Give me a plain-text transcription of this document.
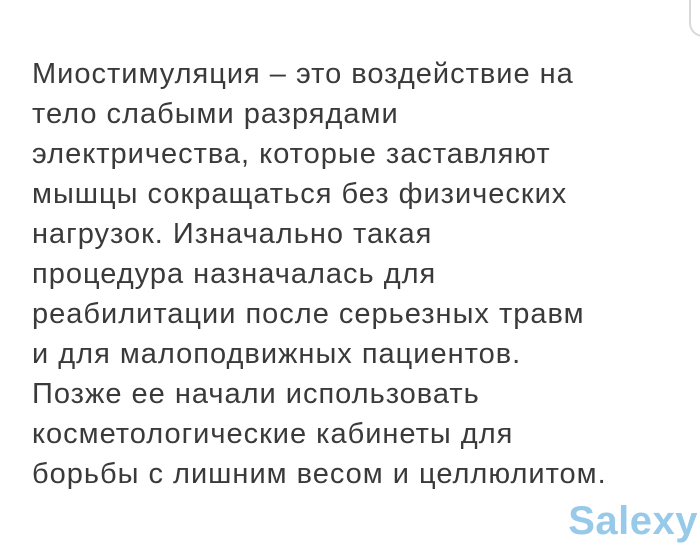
Миостимуляция – это воздействие на
тело слабыми разрядами
электричества, которые заставляют
мышцы сокращаться без физических
нагрузок. Изначально такая
процедура назначалась для
реабилитации после серьезных травм
и для малоподвижных пациентов.
Позже ее начали использовать
косметологические кабинеты для
борьбы с лишним весом и целлюлитом.
Salexy
